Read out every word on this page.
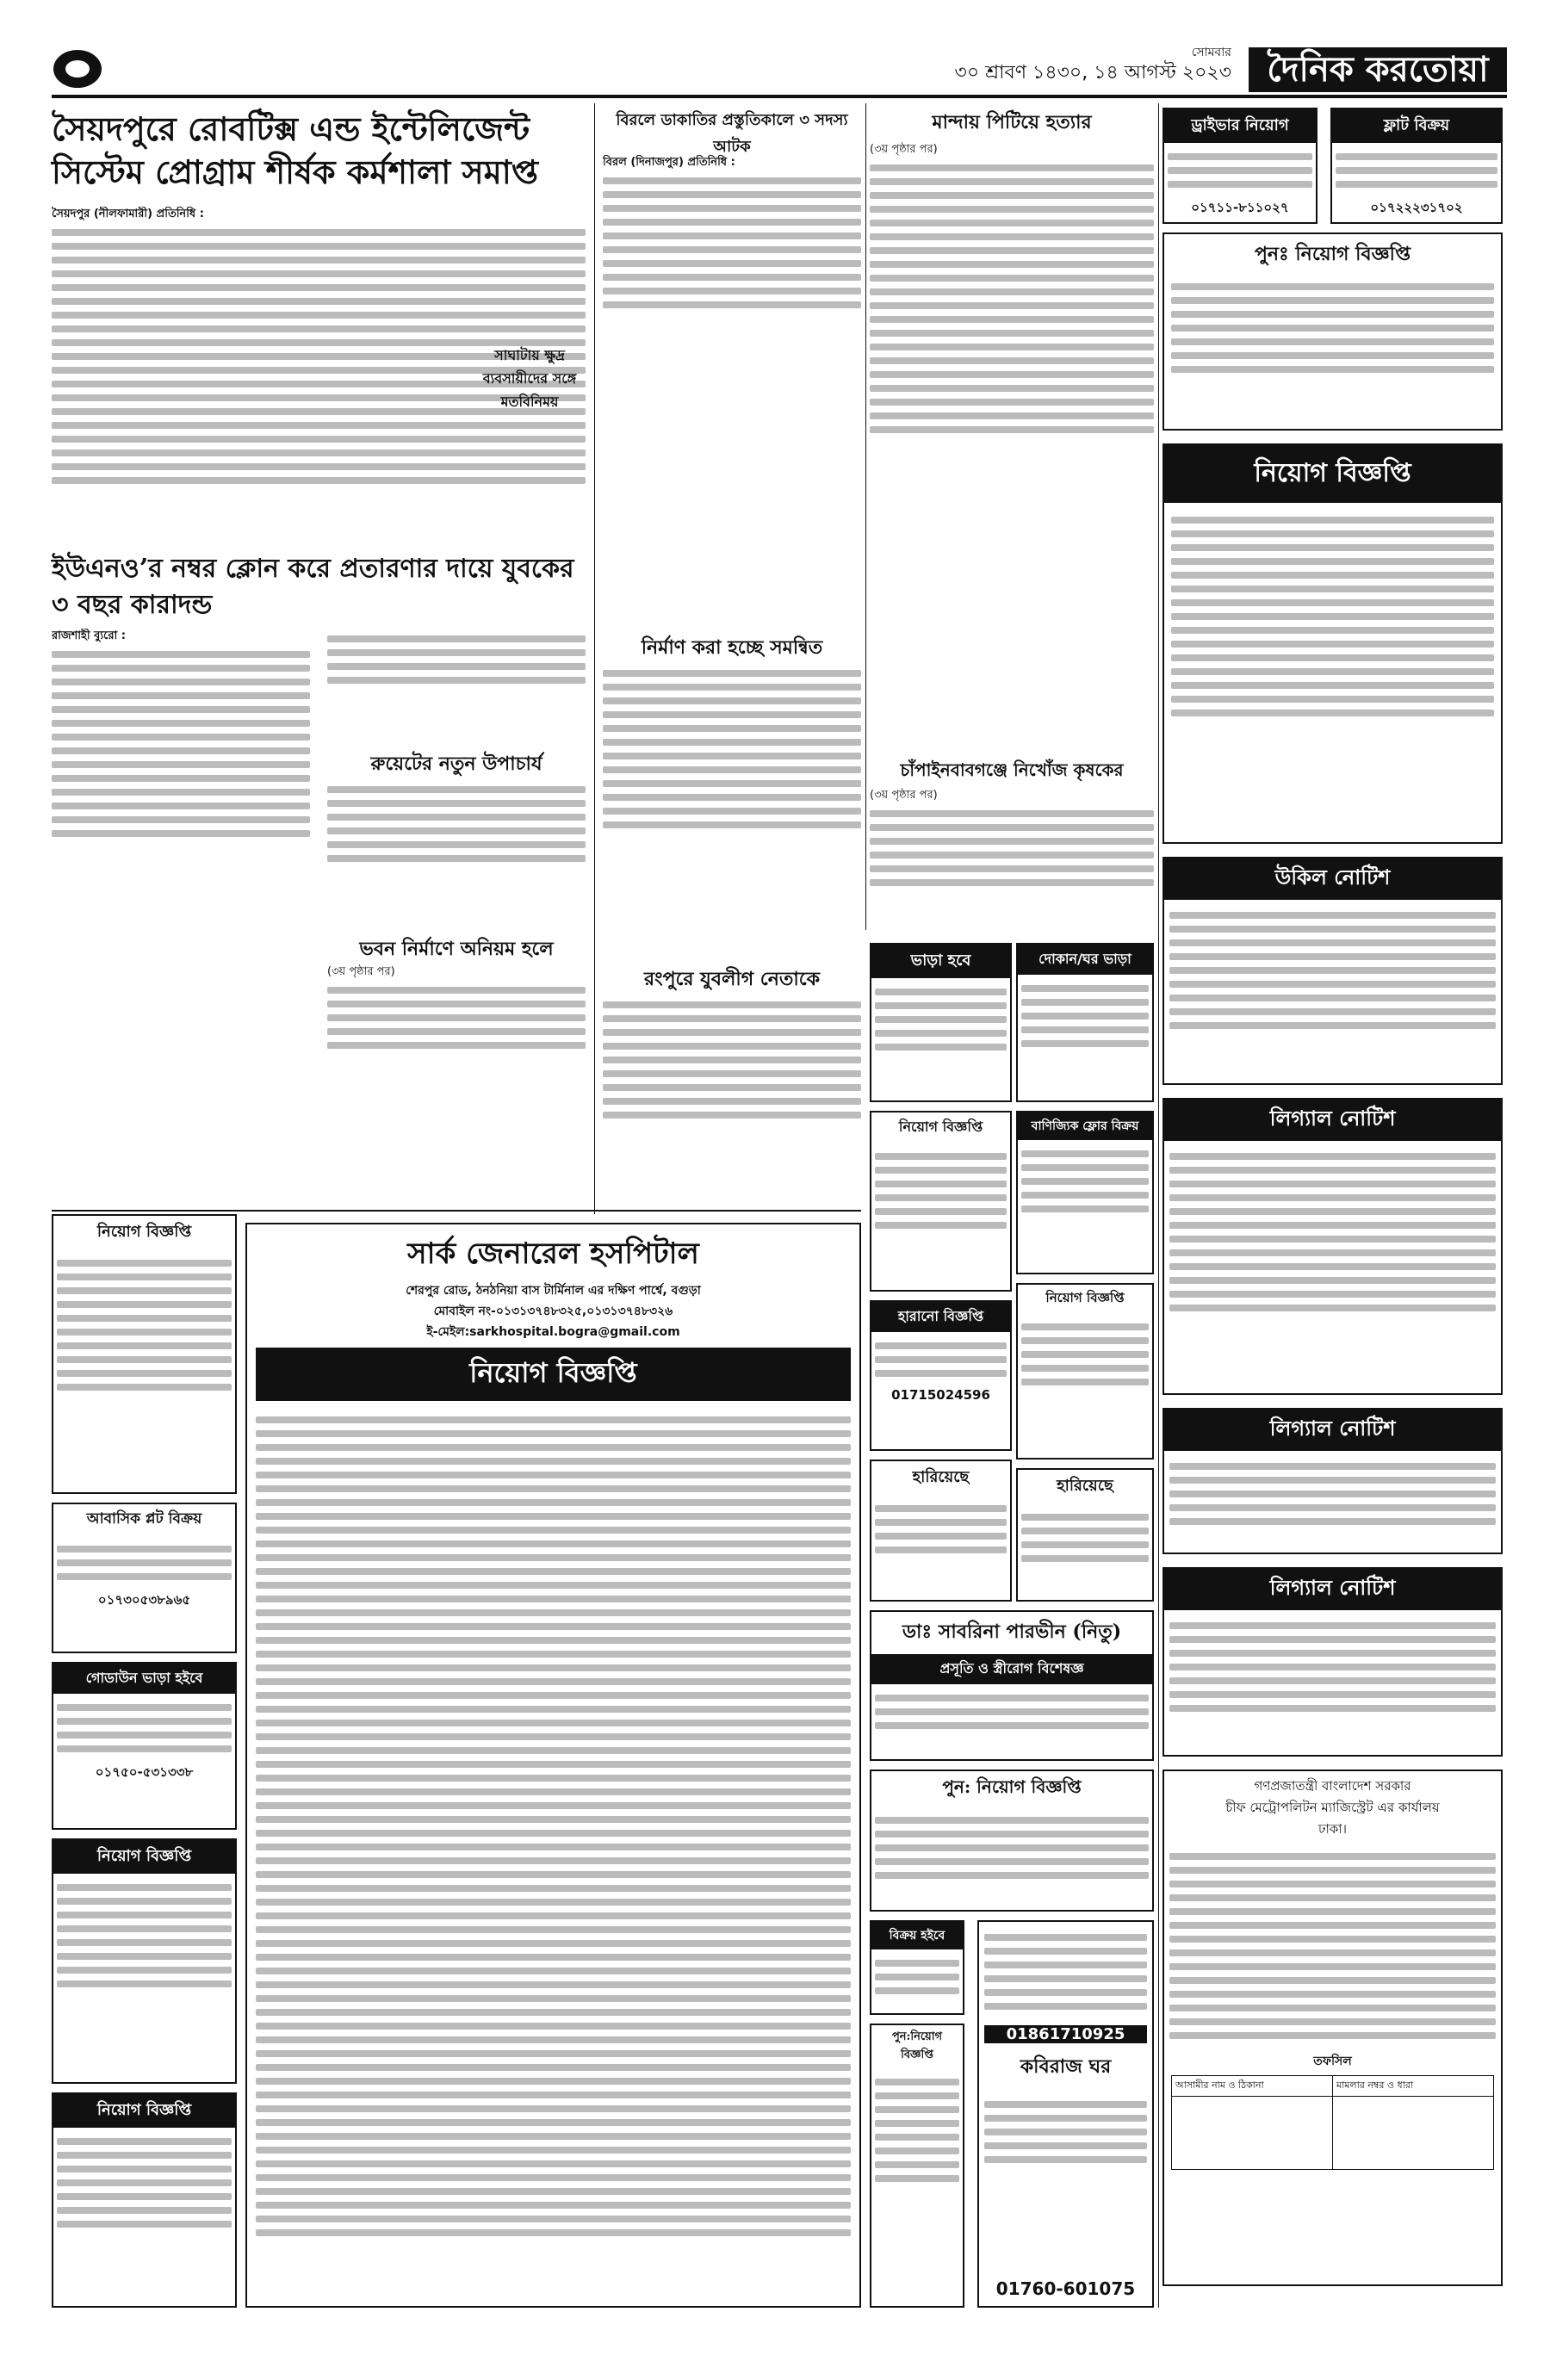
সোমবার
৩০ শ্রাবণ ১৪৩০, ১৪ আগস্ট ২০২৩	দৈনিক করতোয়া
সৈয়দপুরে রোবটিক্স এন্ড ইন্টেলিজেন্ট সিস্টেম প্রোগ্রাম শীর্ষক কর্মশালা সমাপ্ত
সৈয়দপুর (নীলফামারী) প্রতিনিধি :
ইউএনও’র নম্বর ক্লোন করে প্রতারণার দায়ে যুবকের ৩ বছর কারাদন্ড
রাজশাহী ব্যুরো :
রুয়েটের নতুন উপাচার্য
ভবন নির্মাণে অনিয়ম হলে
(৩য় পৃষ্ঠার পর)
বিরলে ডাকাতির প্রস্তুতিকালে ৩ সদস্য আটক
বিরল (দিনাজপুর) প্রতিনিধি :
সাঘাটায় ক্ষুদ্র ব্যবসায়ীদের সঙ্গে মতবিনিময়
নির্মাণ করা হচ্ছে সমন্বিত
রংপুরে যুবলীগ নেতাকে
মান্দায় পিটিয়ে হত্যার
(৩য় পৃষ্ঠার পর)
চাঁপাইনবাবগঞ্জে নিখোঁজ কৃষকের
(৩য় পৃষ্ঠার পর)
ড্রাইভার নিয়োগ
০১৭১১-৮১১০২৭
ফ্লাট বিক্রয়
০১৭২২২৩১৭০২
পুনঃ নিয়োগ বিজ্ঞপ্তি
নিয়োগ বিজ্ঞপ্তি
উকিল নোটিশ
লিগ্যাল নোটিশ
লিগ্যাল নোটিশ
লিগ্যাল নোটিশ
গণপ্রজাতন্ত্রী বাংলাদেশ সরকার
চীফ মেট্রোপলিটন ম্যাজিস্ট্রেট এর কার্যালয়
ঢাকা।
তফসিল
আসামীর নাম ও ঠিকানা	মামলার নম্বর ও ধারা
ভাড়া হবে	দোকান/ঘর ভাড়া
নিয়োগ বিজ্ঞপ্তি	বাণিজ্যিক ফ্লোর বিক্রয়
হারানো বিজ্ঞপ্তি
01715024596
নিয়োগ বিজ্ঞপ্তি
হারিয়েছে	হারিয়েছে
ডাঃ সাবরিনা পারভীন (নিতু)
প্রসূতি ও স্ত্রীরোগ বিশেষজ্ঞ
পুন: নিয়োগ বিজ্ঞপ্তি
বিক্রয় হইবে
পুন:নিয়োগ বিজ্ঞপ্তি
01861710925
কবিরাজ ঘর
01760-601075
সার্ক জেনারেল হসপিটাল
শেরপুর রোড, ঠনঠনিয়া বাস টার্মিনাল এর দক্ষিণ পার্শ্বে, বগুড়া
মোবাইল নং-০১৩১৩৭৪৮৩২৫,০১৩১৩৭৪৮৩২৬
ই-মেইল:sarkhospital.bogra@gmail.com
নিয়োগ বিজ্ঞপ্তি
নিয়োগ বিজ্ঞপ্তি
আবাসিক প্লট বিক্রয়
০১৭৩০৫৩৮৯৬৫
গোডাউন ভাড়া হইবে
০১৭৫০-৫৩১৩৩৮
নিয়োগ বিজ্ঞপ্তি
নিয়োগ বিজ্ঞপ্তি
